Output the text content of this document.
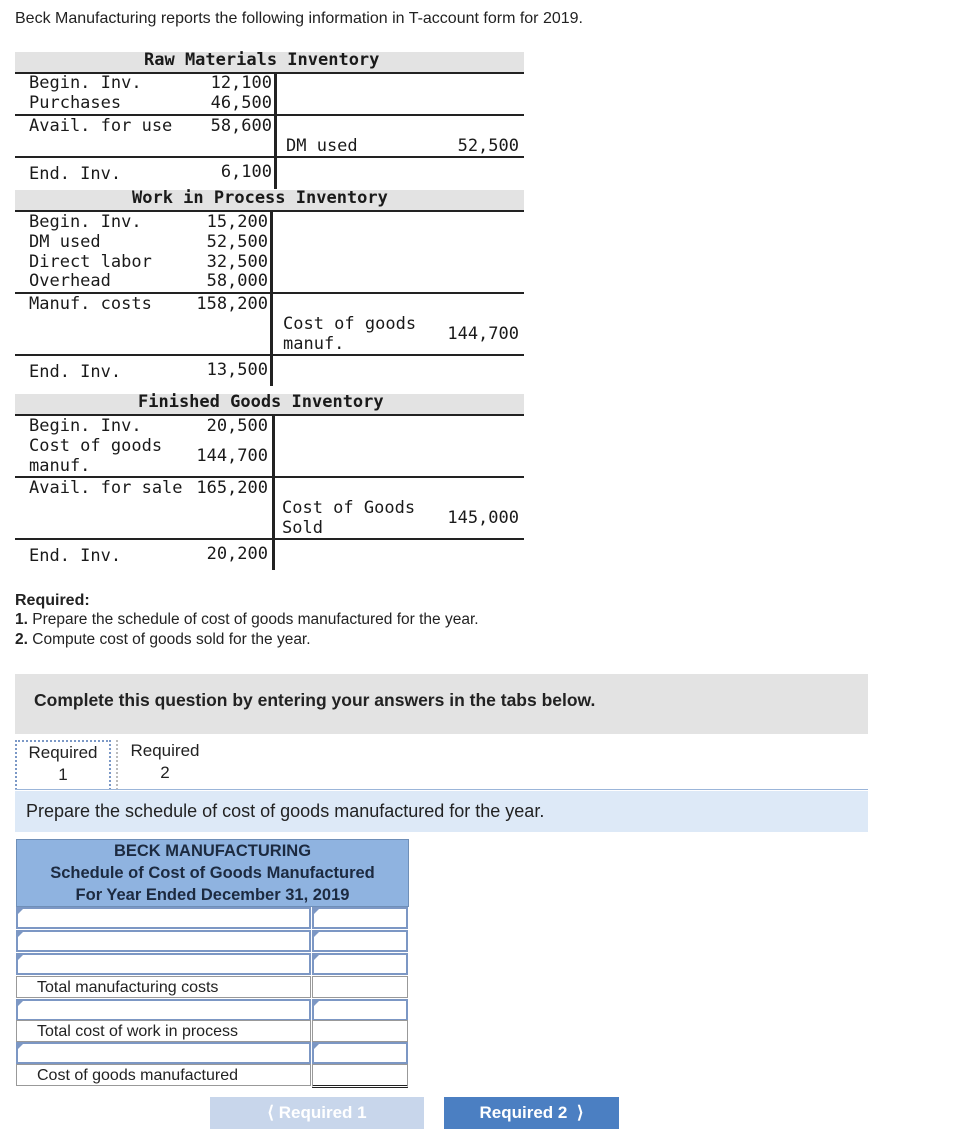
Beck Manufacturing reports the following information in T-account form for 2019.
Raw Materials Inventory
Begin. Inv.	12,100
Purchases	46,500
Avail. for use	58,600
DM used	52,500
End. Inv.	6,100
Work in Process Inventory
Begin. Inv.	15,200
DM used	52,500
Direct labor	32,500
Overhead	58,000
Manuf. costs	158,200
Cost of goods
manuf.	144,700
End. Inv.	13,500
Finished Goods Inventory
Begin. Inv.	20,500
Cost of goods
manuf.	144,700
Avail. for sale 165,200
Cost of Goods
Sold	145,000
End. Inv.	20,200
Required:
1. Prepare the schedule of cost of goods manufactured for the year.
2. Compute cost of goods sold for the year.
Complete this question by entering your answers in the tabs below.
Required
1
Required
2
Prepare the schedule of cost of goods manufactured for the year.
BECK MANUFACTURING
Schedule of Cost of Goods Manufactured
For Year Ended December 31, 2019
Total manufacturing costs
Total cost of work in process
Cost of goods manufactured
⟨ Required 1	Required 2  ⟩
